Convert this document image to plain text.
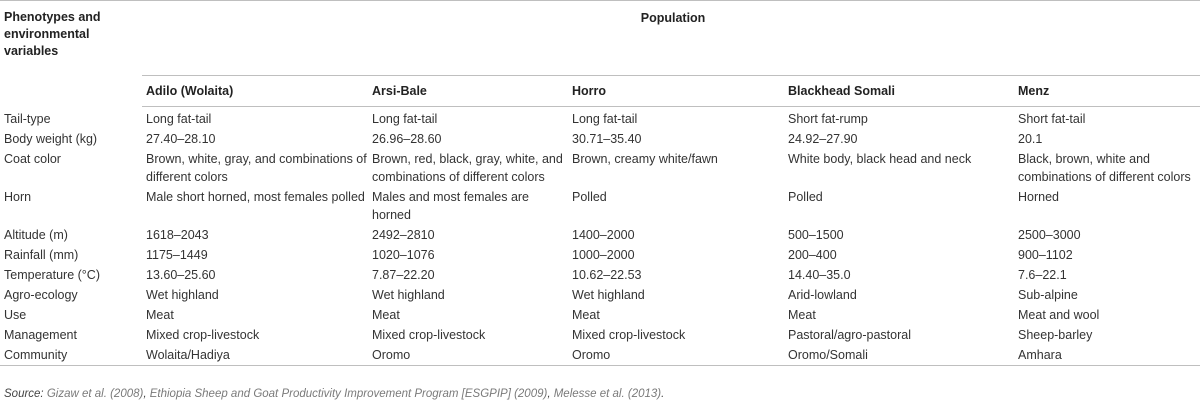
Phenotypes and environmental variables	Population				
	Adilo (Wolaita)	Arsi-Bale	Horro	Blackhead Somali	Menz
Tail-type	Long fat-tail	Long fat-tail	Long fat-tail	Short fat-rump	Short fat-tail
Body weight (kg)	27.40–28.10	26.96–28.60	30.71–35.40	24.92–27.90	20.1
Coat color	Brown, white, gray, and combinations of different colors	Brown, red, black, gray, white, and combinations of different colors	Brown, creamy white/fawn	White body, black head and neck	Black, brown, white and combinations of different colors
Horn	Male short horned, most females polled	Males and most females are horned	Polled	Polled	Horned
Altitude (m)	1618–2043	2492–2810	1400–2000	500–1500	2500–3000
Rainfall (mm)	1175–1449	1020–1076	1000–2000	200–400	900–1102
Temperature (°C)	13.60–25.60	7.87–22.20	10.62–22.53	14.40–35.0	7.6–22.1
Agro-ecology	Wet highland	Wet highland	Wet highland	Arid-lowland	Sub-alpine
Use	Meat	Meat	Meat	Meat	Meat and wool
Management	Mixed crop-livestock	Mixed crop-livestock	Mixed crop-livestock	Pastoral/agro-pastoral	Sheep-barley
Community	Wolaita/Hadiya	Oromo	Oromo	Oromo/Somali	Amhara
Source: Gizaw et al. (2008), Ethiopia Sheep and Goat Productivity Improvement Program [ESGPIP] (2009), Melesse et al. (2013).
